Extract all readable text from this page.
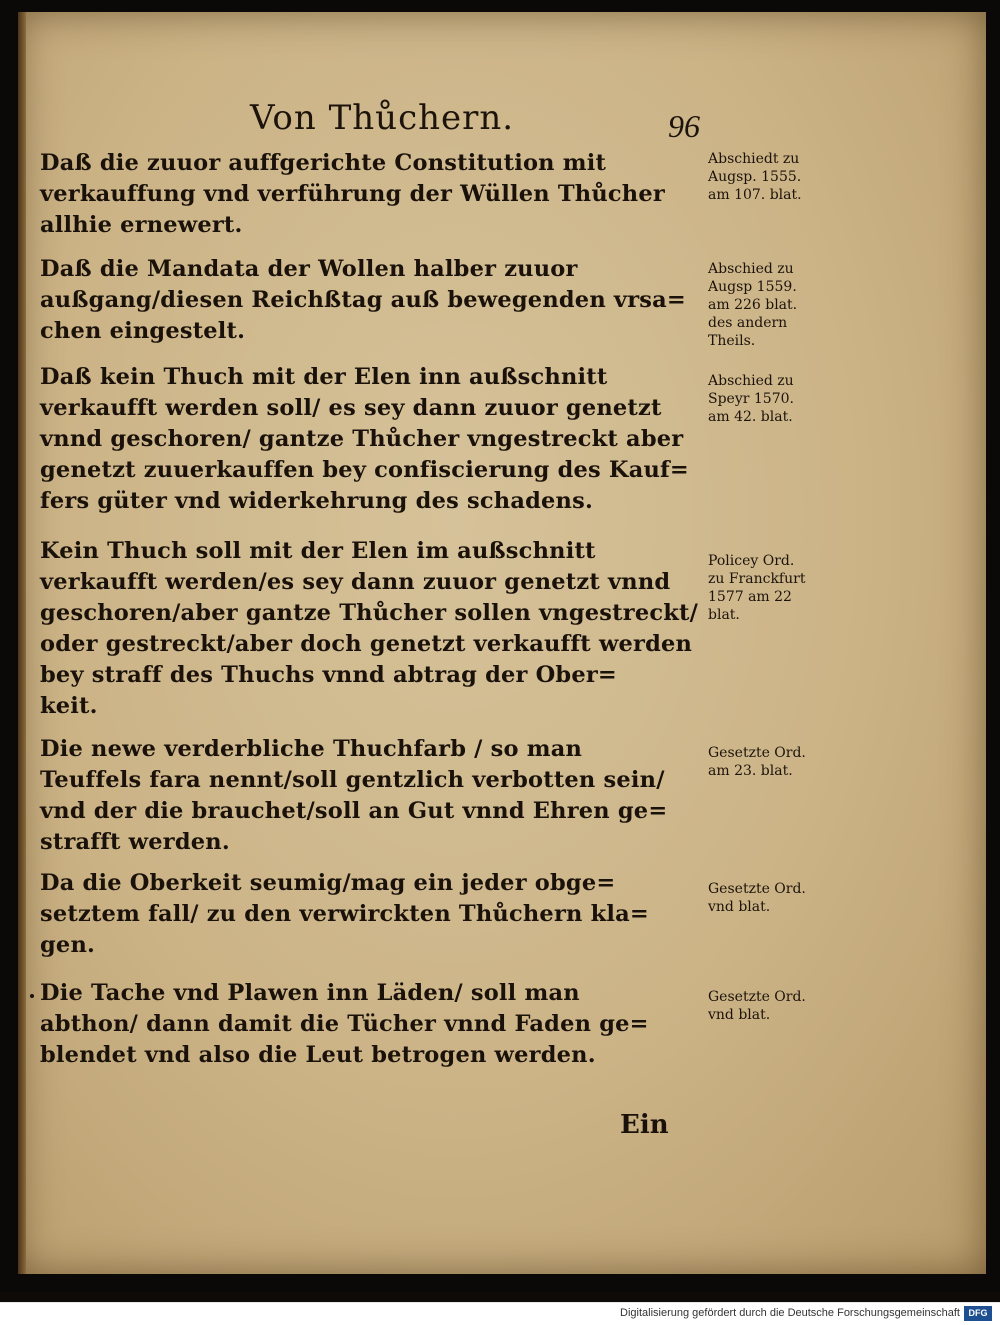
Von Thůchern.	96
Daß die zuuor auffgerichte Constitution mit
verkauffung vnd verführung der Wüllen Thůcher
allhie ernewert.
Abschiedt zu
Augsp. 1555.
am 107. blat.
Daß die Mandata der Wollen halber zuuor
außgang/diesen Reichßtag auß bewegenden vrsa=
chen eingestelt.
Abschied zu
Augsp 1559.
am 226 blat.
des andern
Theils.
Daß kein Thuch mit der Elen inn außschnitt
verkaufft werden soll/ es sey dann zuuor genetzt
vnnd geschoren/ gantze Thůcher vngestreckt aber
genetzt zuuerkauffen bey confiscierung des Kauf=
fers güter vnd widerkehrung des schadens.
Abschied zu
Speyr 1570.
am 42. blat.
Kein Thuch soll mit der Elen im außschnitt
verkaufft werden/es sey dann zuuor genetzt vnnd
geschoren/aber gantze Thůcher sollen vngestreckt/
oder gestreckt/aber doch genetzt verkaufft werden
bey straff des Thuchs vnnd abtrag der Ober=
keit.
Policey Ord.
zu Franckfurt
1577 am 22
blat.
Die newe verderbliche Thuchfarb / so man
Teuffels fara nennt/soll gentzlich verbotten sein/
vnd der die brauchet/soll an Gut vnnd Ehren ge=
strafft werden.
Gesetzte Ord.
am 23. blat.
Da die Oberkeit seumig/mag ein jeder obge=
setztem fall/ zu den verwirckten Thůchern kla=
gen.
Gesetzte Ord.
vnd blat.
Die Tache vnd Plawen inn Läden/ soll man
abthon/ dann damit die Tücher vnnd Faden ge=
blendet vnd also die Leut betrogen werden.
Gesetzte Ord.
vnd blat.
Ein
Digitalisierung gefördert durch die Deutsche Forschungsgemeinschaft DFG
